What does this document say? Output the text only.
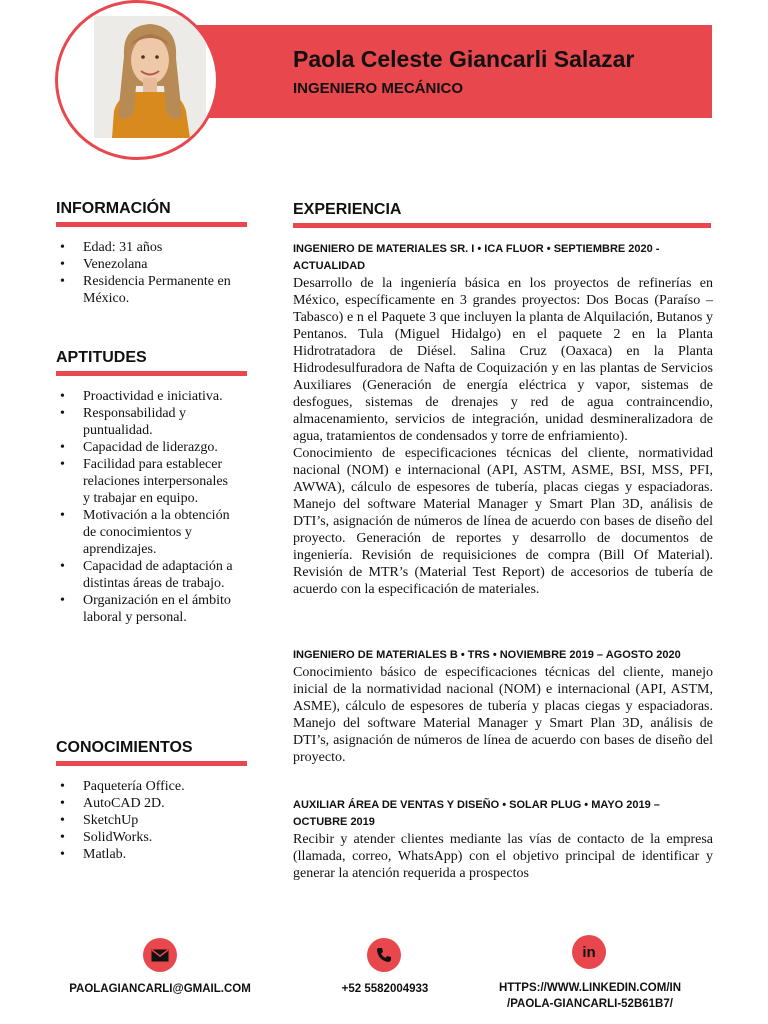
Paola Celeste Giancarli Salazar
INGENIERO MECÁNICO
INFORMACIÓN
• Edad: 31 años
• Venezolana
• Residencia Permanente en México.
APTITUDES
• Proactividad e iniciativa.
• Responsabilidad y puntualidad.
• Capacidad de liderazgo.
• Facilidad para establecer relaciones interpersonales y trabajar en equipo.
• Motivación a la obtención de conocimientos y aprendizajes.
• Capacidad de adaptación a distintas áreas de trabajo.
• Organización en el ámbito laboral y personal.
CONOCIMIENTOS
• Paquetería Office.
• AutoCAD 2D.
• SketchUp
• SolidWorks.
• Matlab.
EXPERIENCIA
INGENIERO DE MATERIALES SR. I • ICA FLUOR • SEPTIEMBRE 2020 - ACTUALIDAD
Desarrollo de la ingeniería básica en los proyectos de refinerías en México, específicamente en 3 grandes proyectos: Dos Bocas (Paraíso – Tabasco) e n el Paquete 3 que incluyen la planta de Alquilación, Butanos y Pentanos. Tula (Miguel Hidalgo) en el paquete 2 en la Planta Hidrotratadora de Diésel. Salina Cruz (Oaxaca) en la Planta Hidrodesulfuradora de Nafta de Coquización y en las plantas de Servicios Auxiliares (Generación de energía eléctrica y vapor, sistemas de desfogues, sistemas de drenajes y red de agua contraincendio, almacenamiento, servicios de integración, unidad desmineralizadora de agua, tratamientos de condensados y torre de enfriamiento).
Conocimiento de especificaciones técnicas del cliente, normatividad nacional (NOM) e internacional (API, ASTM, ASME, BSI, MSS, PFI, AWWA), cálculo de espesores de tubería, placas ciegas y espaciadoras. Manejo del software Material Manager y Smart Plan 3D, análisis de DTI’s, asignación de números de línea de acuerdo con bases de diseño del proyecto. Generación de reportes y desarrollo de documentos de ingeniería. Revisión de requisiciones de compra (Bill Of Material). Revisión de MTR’s (Material Test Report) de accesorios de tubería de acuerdo con la especificación de materiales.
INGENIERO DE MATERIALES B • TRS • NOVIEMBRE 2019 – AGOSTO 2020
Conocimiento básico de especificaciones técnicas del cliente, manejo inicial de la normatividad nacional (NOM) e internacional (API, ASTM, ASME), cálculo de espesores de tubería y placas ciegas y espaciadoras. Manejo del software Material Manager y Smart Plan 3D, análisis de DTI’s, asignación de números de línea de acuerdo con bases de diseño del proyecto.
AUXILIAR ÁREA DE VENTAS Y DISEÑO • SOLAR PLUG • MAYO 2019 – OCTUBRE 2019
Recibir y atender clientes mediante las vías de contacto de la empresa (llamada, correo, WhatsApp) con el objetivo principal de identificar y generar la atención requerida a prospectos
PAOLAGIANCARLI@GMAIL.COM	+52 5582004933
in
HTTPS://WWW.LINKEDIN.COM/IN
/PAOLA-GIANCARLI-52B61B7/
